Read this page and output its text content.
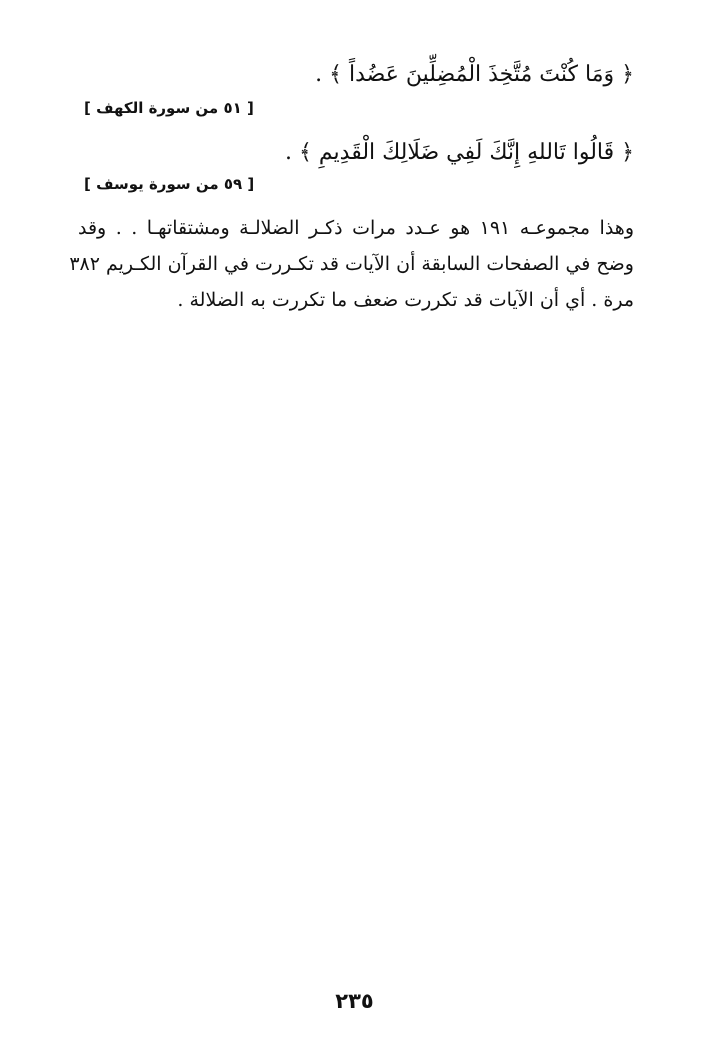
﴿ وَمَا كُنْتَ مُتَّخِذَ الْمُضِلِّينَ عَضُداً ﴾ .
[ ٥١ من سورة الكهف ]
﴿ قَالُوا تَاللهِ إِنَّكَ لَفِي ضَلَالِكَ الْقَدِيمِ ﴾ .
[ ٥٩ من سورة يوسف ]
وهذا مجموعـه ١٩١ هو عـدد مرات ذكـر الضلالـة ومشتقاتهـا . . وقد
وضح في الصفحات السابقة أن الآيات قد تكـررت في القرآن الكـريم ٣٨٢
مرة . أي أن الآيات قد تكررت ضعف ما تكررت به الضلالة .
٢٣٥
